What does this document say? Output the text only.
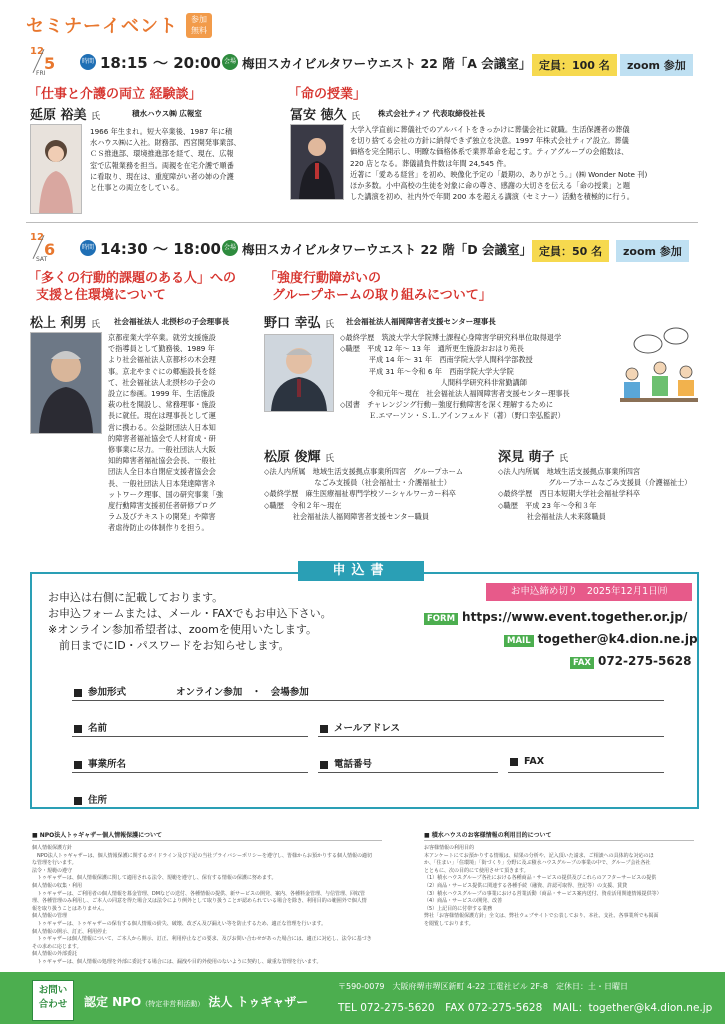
セミナーイベント	参加
無料
12
5
FRI
時間 18:15 ～ 20:00 会場 梅田スカイビルタワーウエスト 22 階「A 会議室」 定員：100 名	zoom 参加
「仕事と介護の両立 経験談」
延原 裕美 氏	積水ハウス㈱ 広報室
1966 年生まれ。短大卒業後、1987 年に積
水ハウス㈱に入社。財務部、西宮開発事業部、
ＣＳ推進部、環境推進部を経て、現在、広報
室で広報業務を担当。両親を在宅介護で順番
に看取り、現在は、重度障がい者の姉の介護
と仕事との両立をしている。
「命の授業」
冨安 徳久 氏 株式会社ティア 代表取締役社長
大学入学直前に葬儀社でのアルバイトをきっかけに葬儀会社に就職。生活保護者の葬儀
を切り捨てる会社の方針に納得できず独立を決意。1997 年株式会社ティア設立。葬儀
価格を完全開示し、明瞭な価格体系で業界革命を起こす。ティアグループの会館数は、
220 店となる。葬儀請負件数は年間 24,545 件。
近著に「愛ある経営」を初め、映像化予定の「最期の、ありがとう。」(㈱ Wonder Note 刊)
ほか多数。小中高校の生徒を対象に命の尊さ、感謝の大切さを伝える「命の授業」と題
した講演を初め、社内外で年間 200 本を超える講演（セミナー）活動を積極的に行う。
12
6
SAT
時間 14:30 ～ 18:00 会場 梅田スカイビルタワーウエスト 22 階「D 会議室」 定員：50 名	zoom 参加
「多くの行動的課題のある人」への
支援と住環境について
松上 利男 氏 社会福祉法人 北摂杉の子会理事長
京都産業大学卒業。就労支援施設
で指導員として勤務後、1989 年
より社会福祉法人京都杉の木会理
事。京北やまぐにの郷施設長を経
て、社会福祉法人北摂杉の子会の
設立に参画。1999 年、生活施設
萩の杜を開設し、常務理事・施設
長に就任。現在は理事長として運
営に携わる。公益財団法人日本知
的障害者福祉協会で人材育成・研
修事業に尽力。一般社団法人大阪
知的障害者福祉協会会長、一般社
団法人全日本自閉症支援者協会会
長、一般社団法人日本発達障害ネ
ットワーク理事、国の研究事業「強
度行動障害支援初任者研修プログ
ラム及びテキストの開発」や障害
者虐待防止の体制作りを担う。
「強度行動障がいの
グループホームの取り組みについて」
野口 幸弘 氏 社会福祉法人福岡障害者支援センター理事長
◇最終学歴　筑波大学大学院博士課程心身障害学研究科単位取得退学
◇職歴　平成 12 年～ 13 年　通所更生施設おおはり苑長
　　　　平成 14 年～ 31 年　西南学院大学人間科学部教授
　　　　平成 31 年～令和 6 年　西南学院大学大学院
　　　　　　　　　　　　　　人間科学研究科非常勤講師
　　　　令和元年～現在　社会福祉法人福岡障害者支援センター理事長
◇図書　チャレンジング行動－強度行動障害を深く理解するために
　　　　Ｅ.エマーソン・Ｓ.Ｌ.アインフェルド（著）（野口幸弘監訳）
松原 俊輝 氏
◇法人内所属　地域生活支援拠点事業所四宮　グループホーム
　　　　　　　なごみ支援員（社会福祉士・介護福祉士）
◇最終学歴　麻生医療福祉専門学校ソーシャルワーカー科卒
◇職歴　令和２年～現在
　　　　社会福祉法人福岡障害者支援センター職員
深見 萌子 氏
◇法人内所属　地域生活支援拠点事業所四宮
　　　　　　　グループホームなごみ支援員（介護福祉士）
◇最終学歴　西日本短期大学社会福祉学科卒
◇職歴　平成 23 年～令和３年
　　　　社会福祉法人未来隊職員
申込書
お申込締め切り　2025年12月1日㈪
お申込は右側に記載しております。
お申込フォームまたは、メール・FAXでもお申込下さい。
※オンライン参加希望者は、zoomを使用いたします。
　前日までにID・パスワードをお知らせします。
FORM https://www.event.together.or.jp/
MAIL together@k4.dion.ne.jp
FAX 072-275-5628
参加形式	オンライン参加　・　会場参加
名前	メールアドレス
事業所名	電話番号	FAX
住所
■ NPO法人トゥギャザー個人情報保護について
個人情報保護方針
　NPO法人トゥギャザーは、個人情報保護に関するガイドライン及び下記の当社プライバシーポリシーを遵守し、皆様からお預かりする個人情報の適切
な管理を行います。
法令・規範の遵守
　トゥギャザーは、個人情報保護に関して適用される法令、規範を遵守し、保有する情報の保護に努めます。
個人情報の収集・利用
　トゥギャザーは、ご利用者の個人情報を募金管理、DMなどの送付、各種情報の提供、新サービスの開発、案内、各種料金管理、与信管理、回収管
理、各種管理のみ利用し、ご本人の同意を得た場合又は法令により例外として取り扱うことが認められている場合を除き、利用目的の範囲外で個人情
報を取り扱うことはありません。
個人情報の管理
　トゥギャザーは、トゥギャザーの保有する個人情報の紛失、破壊、改ざん及び漏えい等を防止するため、適正な管理を行います。
個人情報の開示、訂正、利用停止
　トゥギャザーは個人情報について、ご本人から開示、訂正、利用停止などの要求、及びお問い合わせがあった場合には、適正に対応し、法令に基づき
その求めに応じます。
個人情報の外部委託
　トゥギャザーは、個人情報の処理を外部に委託する場合には、漏洩や目的外使用のないように契約し、厳重な管理を行います。
■ 積水ハウスのお客様情報の利用目的について
お客様情報の利用目的
本アンケートにてお預かりする情報は、結果の分析や、記入頂いた請求、ご相談への具体的な対応のほ
か、「住まい」「住環境」「街づくり」分野に及ぶ積水ハウスグループの事業の中で、グループ会社各社
とともに、次の目的にて使用させて頂きます。
（1）積水ハウスグループ各社における各種商品・サービスの提供及びこれらのアフターサービスの提供
（2）商品・サービス提供に関連する各種手続（融資、許認可取得、登記等）の支援、賃貸
（3）積水ハウスグループの事業における営業活動（商品・サービス案内送付、資産活用関連情報提供等）
（4）商品・サービスの開発、改善
（5）上記目的に付帯する業務
弊社「お客様情報保護方針」全文は、弊社ウェブサイトで公表しており、本社、支社、各事業所でも掲面
を閲覧しております。
お問い
合わせ	認定 NPO（特定非営利活動） 法人 トゥギャザー
〒590-0079　大阪府堺市堺区新町 4-22 工電社ビル 2F-8　定休日：土・日曜日
TEL 072-275-5620　FAX 072-275-5628　MAIL：together@k4.dion.ne.jp
